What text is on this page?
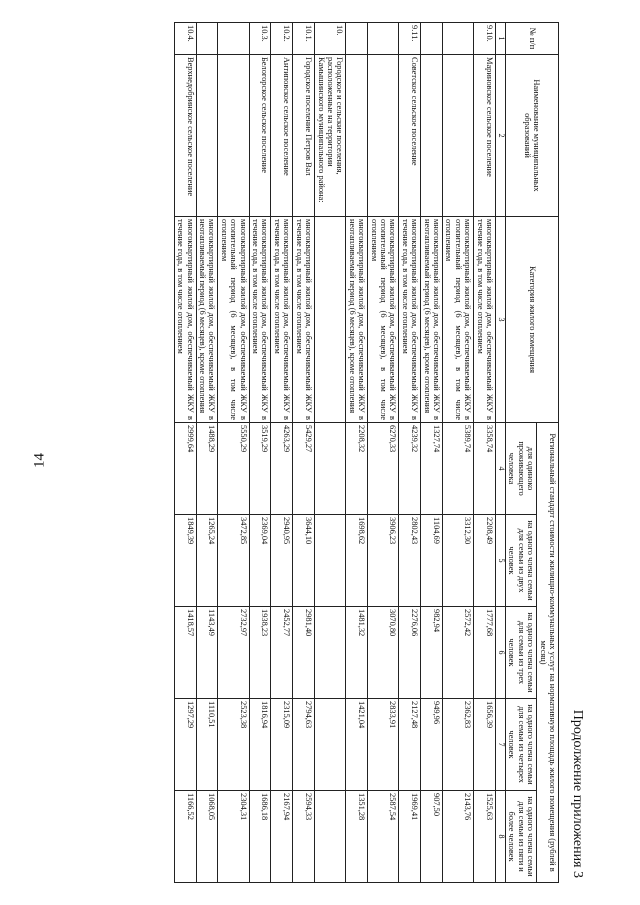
14
Продолжение приложения 3
№ п/п	Наименование муниципальных образований	Категория жилого помещения	Региональный стандарт стоимости жилищно-коммунальных услуг на нормативную площадь жилого помещения (рублей в месяц)				
			для одиноко проживающего человека	на одного члена семьи для семьи из двух человек	на одного члена семьи для семьи из трех человек	на одного члена семьи для семьи из четырех человек	на одного члена семьи для семьи из пяти и более человек
1	2	3	4	5	6	7	8
9.10.	Мариновское сельское поселение	многоквартирный жилой дом, обеспечиваемый ЖКУ в течение года, в том числе отоплением	3358,74	2208,49	1777,68	1656,39	1525,63
		многоквартирный жилой дом, обеспечиваемый ЖКУ в отопительный период (6 месяцев), в том числе отоплением	5389,74	3312,30	2572,42	2362,83	2143,76
		многоквартирный жилой дом, обеспечиваемый ЖКУ в неотапливаемый период (6 месяцев), кроме отопления	1327,74	1104,69	982,94	949,96	907,50
9.11.	Советское сельское поселение	многоквартирный жилой дом, обеспечиваемый ЖКУ в течение года, в том числе отоплением	4239,32	2802,43	2276,06	2127,48	1969,41
		многоквартирный жилой дом, обеспечиваемый ЖКУ в отопительный период (6 месяцев), в том числе отоплением	6270,33	3906,23	3070,80	2833,91	2587,54
		многоквартирный жилой дом, обеспечиваемый ЖКУ в неотапливаемый период (6 месяцев), кроме отопления	2208,32	1698,62	1481,32	1421,04	1351,28
10.	Городское и сельские поселения, расположенные на территории Камышинского муниципального района:						
10.1.	Городское поселение Петров Вал	многоквартирный жилой дом, обеспечиваемый ЖКУ в течение года, в том числе отоплением	5429,27	3644,10	2981,40	2794,63	2594,33
10.2.	Антиповское сельское поселение	многоквартирный жилой дом, обеспечиваемый ЖКУ в течение года, в том числе отоплением	4263,29	2940,95	2452,77	2315,09	2167,94
10.3.	Белогорское сельское поселение	многоквартирный жилой дом, обеспечиваемый ЖКУ в течение года, в том числе отоплением	3519,29	2369,04	1938,23	1816,94	1686,18
		многоквартирный жилой дом, обеспечиваемый ЖКУ в отопительный период (6 месяцев), в том числе отоплением	5550,29	3472,85	2732,97	2523,38	2304,31
		многоквартирный жилой дом, обеспечиваемый ЖКУ в неотапливаемый период (6 месяцев), кроме отопления	1488,29	1265,24	1143,49	1110,51	1068,05
10.4.	Верхнедобринское сельское поселение	многоквартирный жилой дом, обеспечиваемый ЖКУ в течение года, в том числе отоплением	2999,64	1849,39	1418,57	1297,29	1166,52
